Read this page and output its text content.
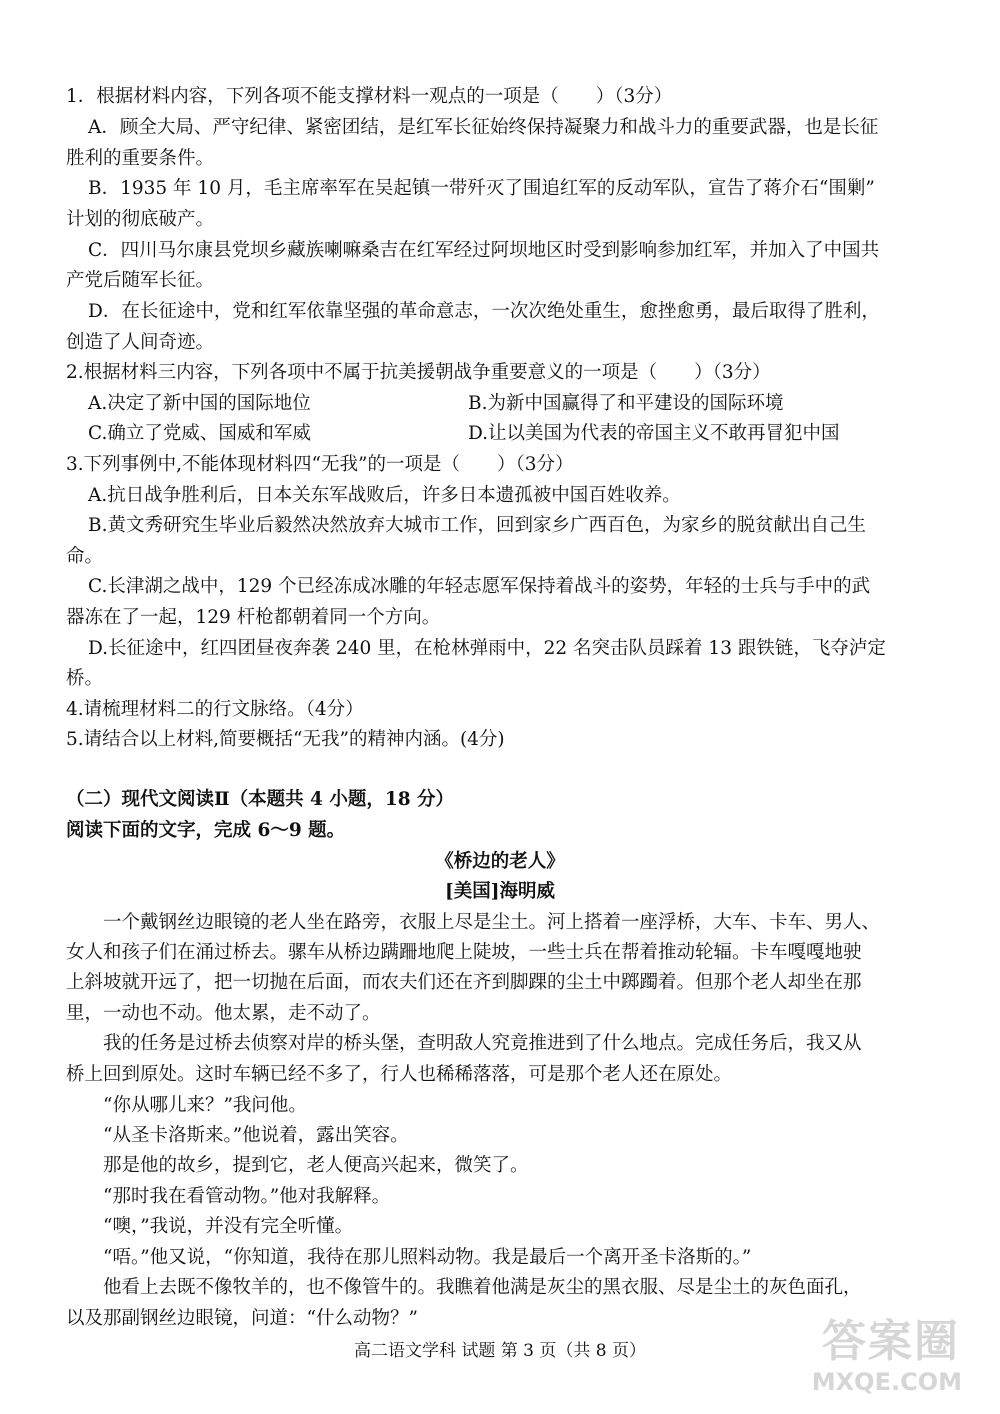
1．根据材料内容，下列各项不能支撑材料一观点的一项是（　　）（3分）
A．顾全大局、严守纪律、紧密团结，是红军长征始终保持凝聚力和战斗力的重要武器，也是长征
胜利的重要条件。
B．1935 年 10 月，毛主席率军在吴起镇一带歼灭了围追红军的反动军队，宣告了蒋介石“围剿”
计划的彻底破产。
C．四川马尔康县党坝乡藏族喇嘛桑吉在红军经过阿坝地区时受到影响参加红军，并加入了中国共
产党后随军长征。
D．在长征途中，党和红军依靠坚强的革命意志，一次次绝处重生，愈挫愈勇，最后取得了胜利，
创造了人间奇迹。
2.根据材料三内容，下列各项中不属于抗美援朝战争重要意义的一项是（　　）（3分）
A.决定了新中国的国际地位	B.为新中国赢得了和平建设的国际环境
C.确立了党威、国威和军威	D.让以美国为代表的帝国主义不敢再冒犯中国
3.下列事例中,不能体现材料四“无我”的一项是（　　）（3分）
A.抗日战争胜利后，日本关东军战败后，许多日本遗孤被中国百姓收养。
B.黄文秀研究生毕业后毅然决然放弃大城市工作，回到家乡广西百色，为家乡的脱贫献出自己生
命。
C.长津湖之战中，129 个已经冻成冰雕的年轻志愿军保持着战斗的姿势，年轻的士兵与手中的武
器冻在了一起，129 杆枪都朝着同一个方向。
D.长征途中，红四团昼夜奔袭 240 里，在枪林弹雨中，22 名突击队员踩着 13 跟铁链，飞夺泸定
桥。
4.请梳理材料二的行文脉络。（4分）
5.请结合以上材料,简要概括“无我”的精神内涵。(4分)
（二）现代文阅读Ⅱ（本题共 4 小题，18 分）
阅读下面的文字，完成 6～9 题。
《桥边的老人》
[美国]海明威
　　一个戴钢丝边眼镜的老人坐在路旁，衣服上尽是尘土。河上搭着一座浮桥，大车、卡车、男人、
女人和孩子们在涌过桥去。骡车从桥边蹒跚地爬上陡坡，一些士兵在帮着推动轮辐。卡车嘎嘎地驶
上斜坡就开远了，把一切抛在后面，而农夫们还在齐到脚踝的尘土中踯躅着。但那个老人却坐在那
里，一动也不动。他太累，走不动了。
　　我的任务是过桥去侦察对岸的桥头堡，查明敌人究竟推进到了什么地点。完成任务后，我又从
桥上回到原处。这时车辆已经不多了，行人也稀稀落落，可是那个老人还在原处。
　　“你从哪儿来？”我问他。
　　“从圣卡洛斯来。”他说着，露出笑容。
　　那是他的故乡，提到它，老人便高兴起来，微笑了。
　　“那时我在看管动物。”他对我解释。
　　“噢，”我说，并没有完全听懂。
　　“唔。”他又说，“你知道，我待在那儿照料动物。我是最后一个离开圣卡洛斯的。”
　　他看上去既不像牧羊的，也不像管牛的。我瞧着他满是灰尘的黑衣服、尽是尘土的灰色面孔，
以及那副钢丝边眼镜，问道：“什么动物？”
高二语文学科 试题 第 3 页（共 8 页）	答案圈
MXQE.COM
